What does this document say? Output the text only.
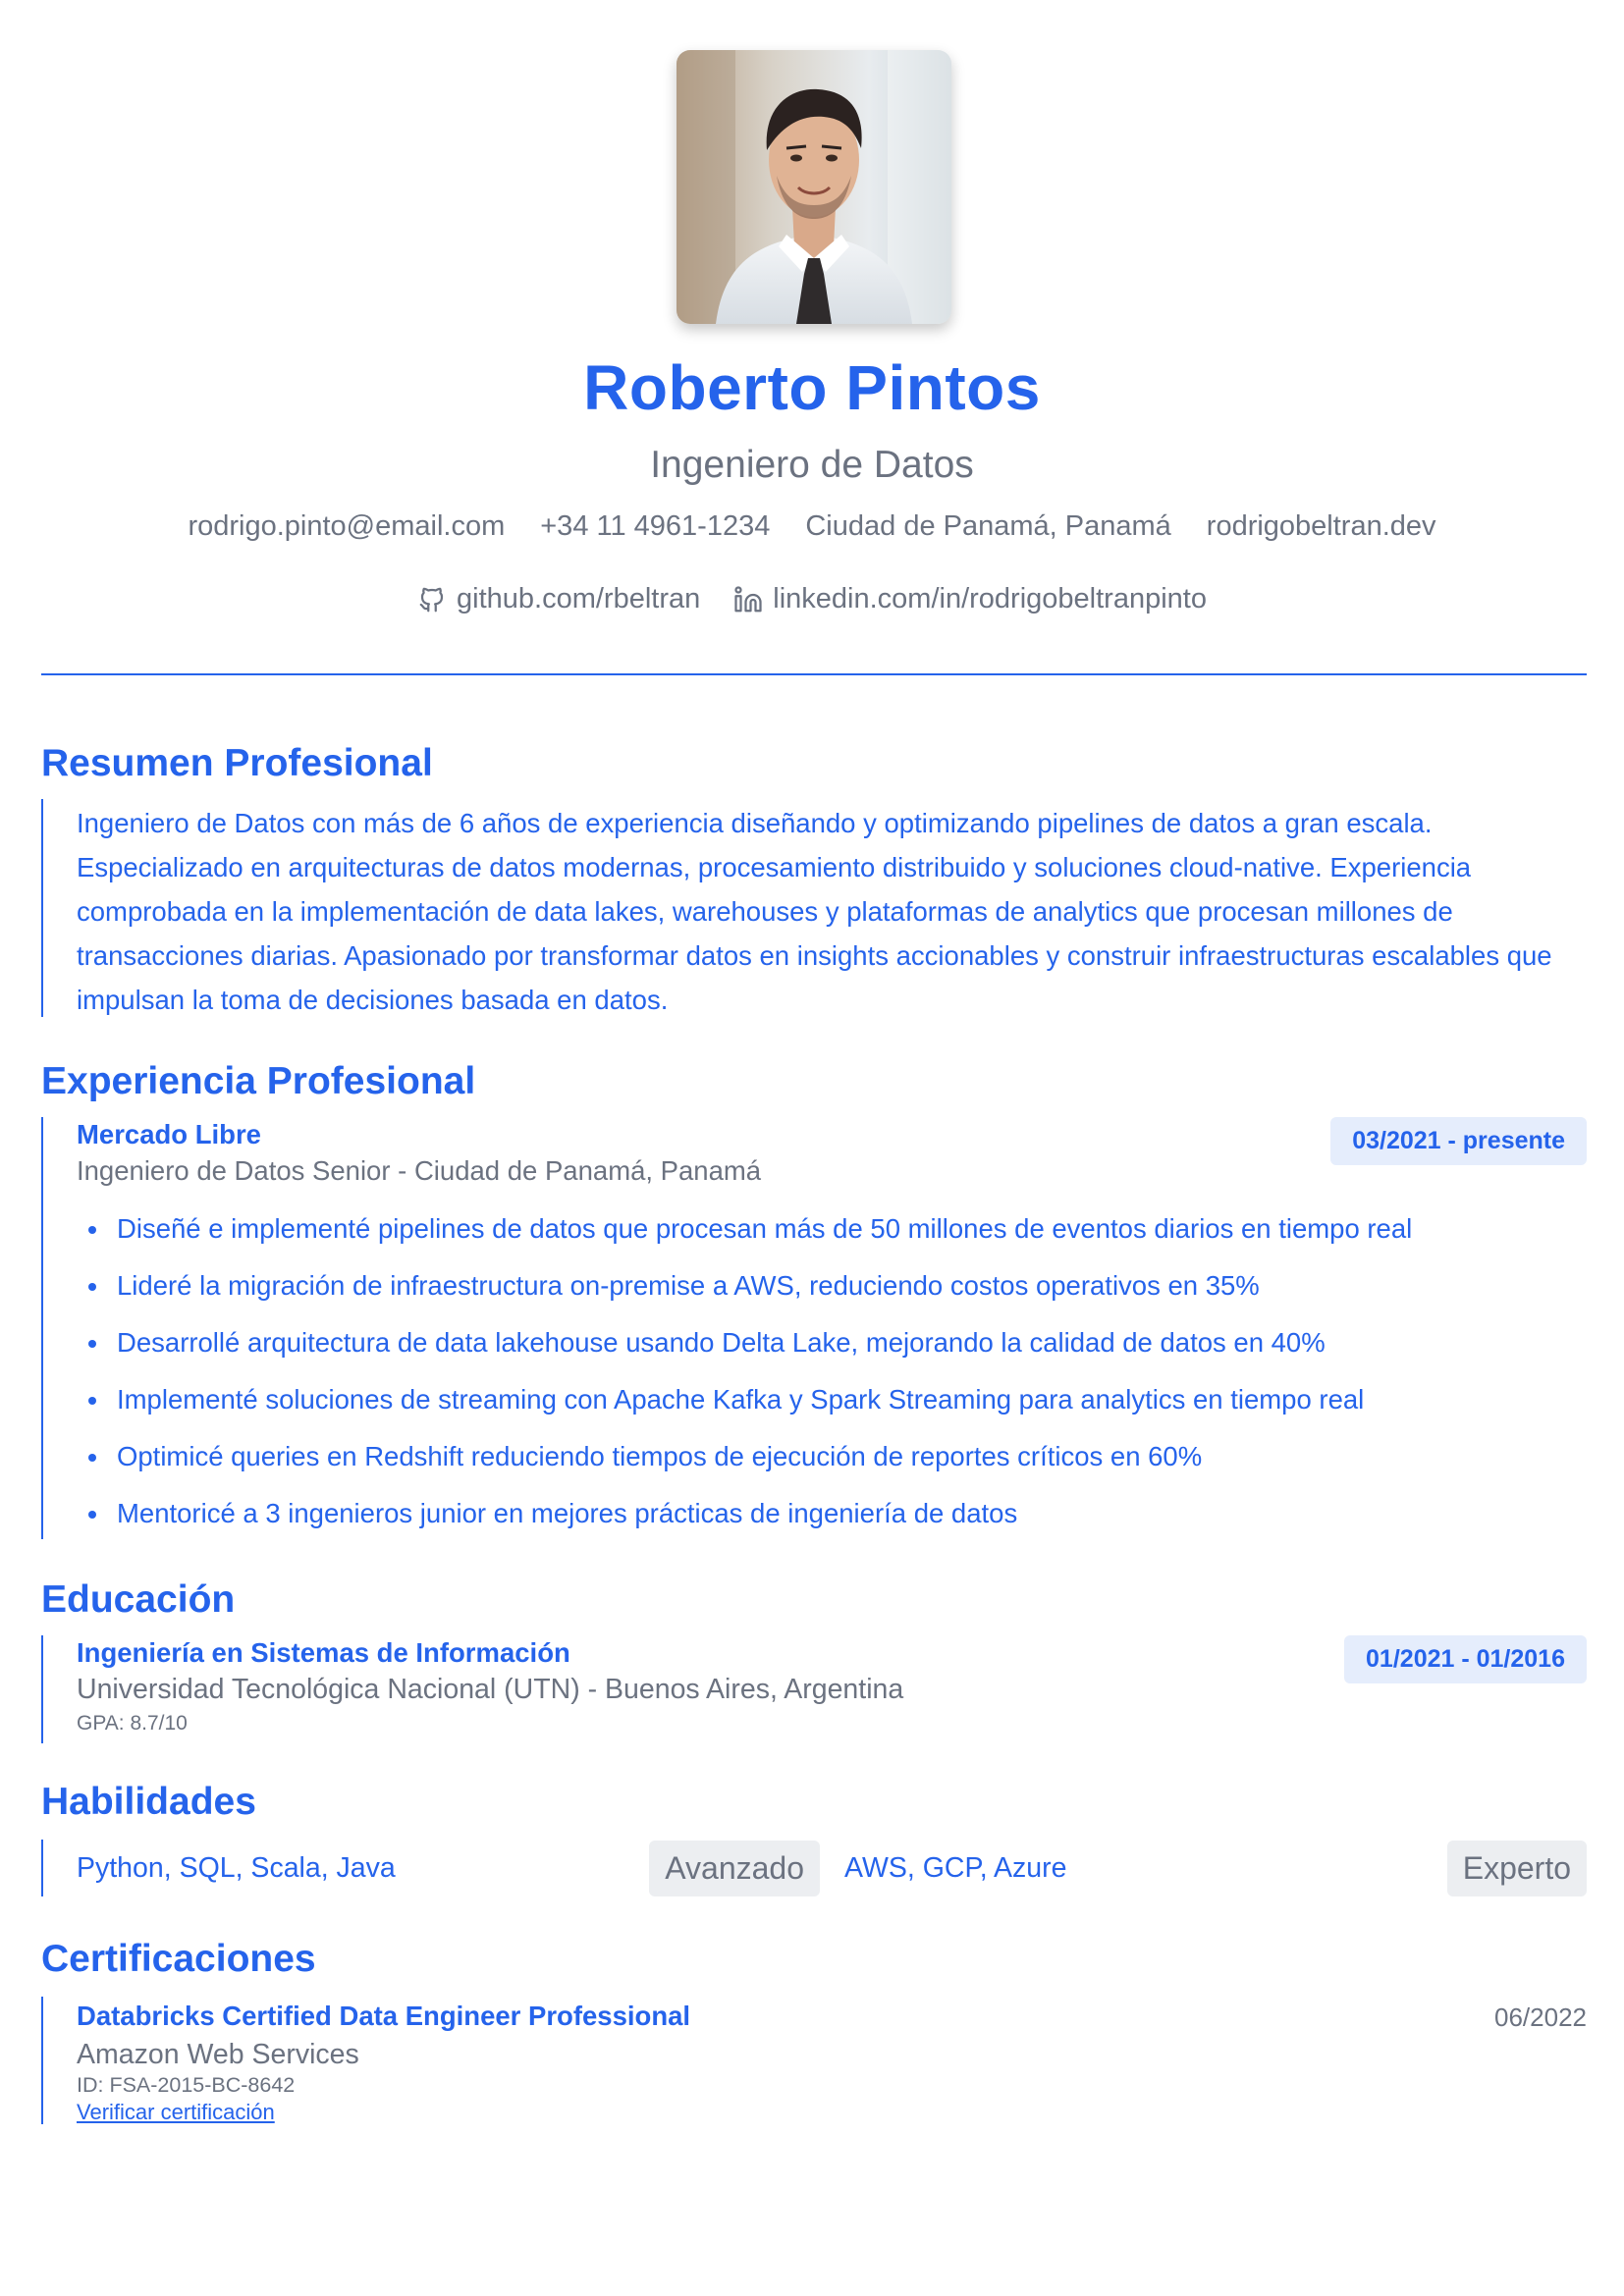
Roberto Pintos
Ingeniero de Datos
rodrigo.pinto@email.com +34 11 4961-1234 Ciudad de Panamá, Panamá rodrigobeltran.dev
github.com/rbeltran	linkedin.com/in/rodrigobeltranpinto
Resumen Profesional

Ingeniero de Datos con más de 6 años de experiencia diseñando y optimizando pipelines de datos a gran escala. Especializado en arquitecturas de datos modernas, procesamiento distribuido y soluciones cloud-native. Experiencia comprobada en la implementación de data lakes, warehouses y plataformas de analytics que procesan millones de transacciones diarias. Apasionado por transformar datos en insights accionables y construir infraestructuras escalables que impulsan la toma de decisiones basada en datos.

Experiencia Profesional
Mercado Libre	03/2021 - presente
Ingeniero de Datos Senior - Ciudad de Panamá, Panamá
Diseñé e implementé pipelines de datos que procesan más de 50 millones de eventos diarios en tiempo real
Lideré la migración de infraestructura on-premise a AWS, reduciendo costos operativos en 35%
Desarrollé arquitectura de data lakehouse usando Delta Lake, mejorando la calidad de datos en 40%
Implementé soluciones de streaming con Apache Kafka y Spark Streaming para analytics en tiempo real
Optimicé queries en Redshift reduciendo tiempos de ejecución de reportes críticos en 60%
Mentoricé a 3 ingenieros junior en mejores prácticas de ingeniería de datos
Educación
Ingeniería en Sistemas de Información	01/2021 - 01/2016
Universidad Tecnológica Nacional (UTN) - Buenos Aires, Argentina
GPA: 8.7/10
Habilidades
Python, SQL, Scala, Java	Avanzado	AWS, GCP, Azure	Experto
Certificaciones
Databricks Certified Data Engineer Professional	06/2022
Amazon Web Services
ID: FSA-2015-BC-8642
Verificar certificación
